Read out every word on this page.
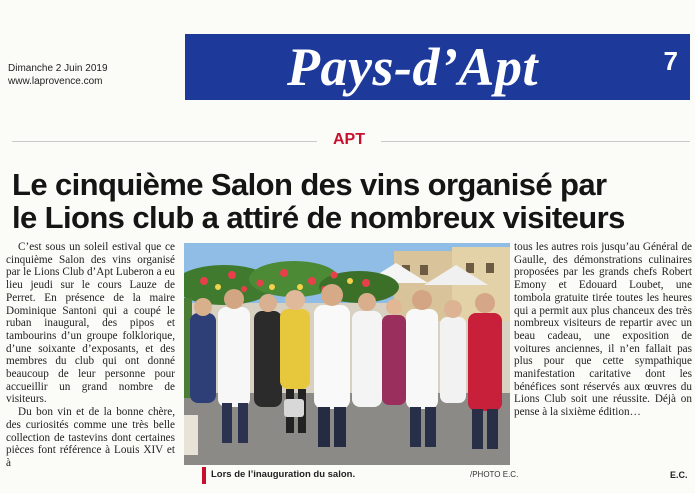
Dimanche 2 Juin 2019
www.laprovence.com	Pays-d’Apt	7
APT
Le cinquième Salon des vins organisé par le Lions club a attiré de nombreux visiteurs

C’est sous un soleil estival que ce cinquième Salon des vins organisé par le Lions Club d’Apt Luberon a eu lieu jeudi sur le cours Lauze de Perret. En présence de la maire Dominique Santoni qui a coupé le ruban inaugural, des pipos et tambourins d’un groupe folklorique, d’une soixante d’exposants, et des membres du club qui ont donné beaucoup de leur personne pour accueillir un grand nombre de visiteurs.

Du bon vin et de la bonne chère, des curiosités comme une très belle collection de tastevins dont certaines pièces font référence à Louis XIV et à

Lors de l’inauguration du salon.	/PHOTO E.C.

tous les autres rois jusqu’au Général de Gaulle, des démonstrations culinaires proposées par les grands chefs Robert Emony et Edouard Loubet, une tombola gratuite tirée toutes les heures qui a permit aux plus chanceux des très nombreux visiteurs de repartir avec un beau cadeau, une exposition de voitures anciennes, il n’en fallait pas plus pour que cette sympathique manifestation caritative dont les bénéfices sont réservés aux œuvres du Lions Club soit une réussite. Déjà on pense à la sixième édition…

E.C.
